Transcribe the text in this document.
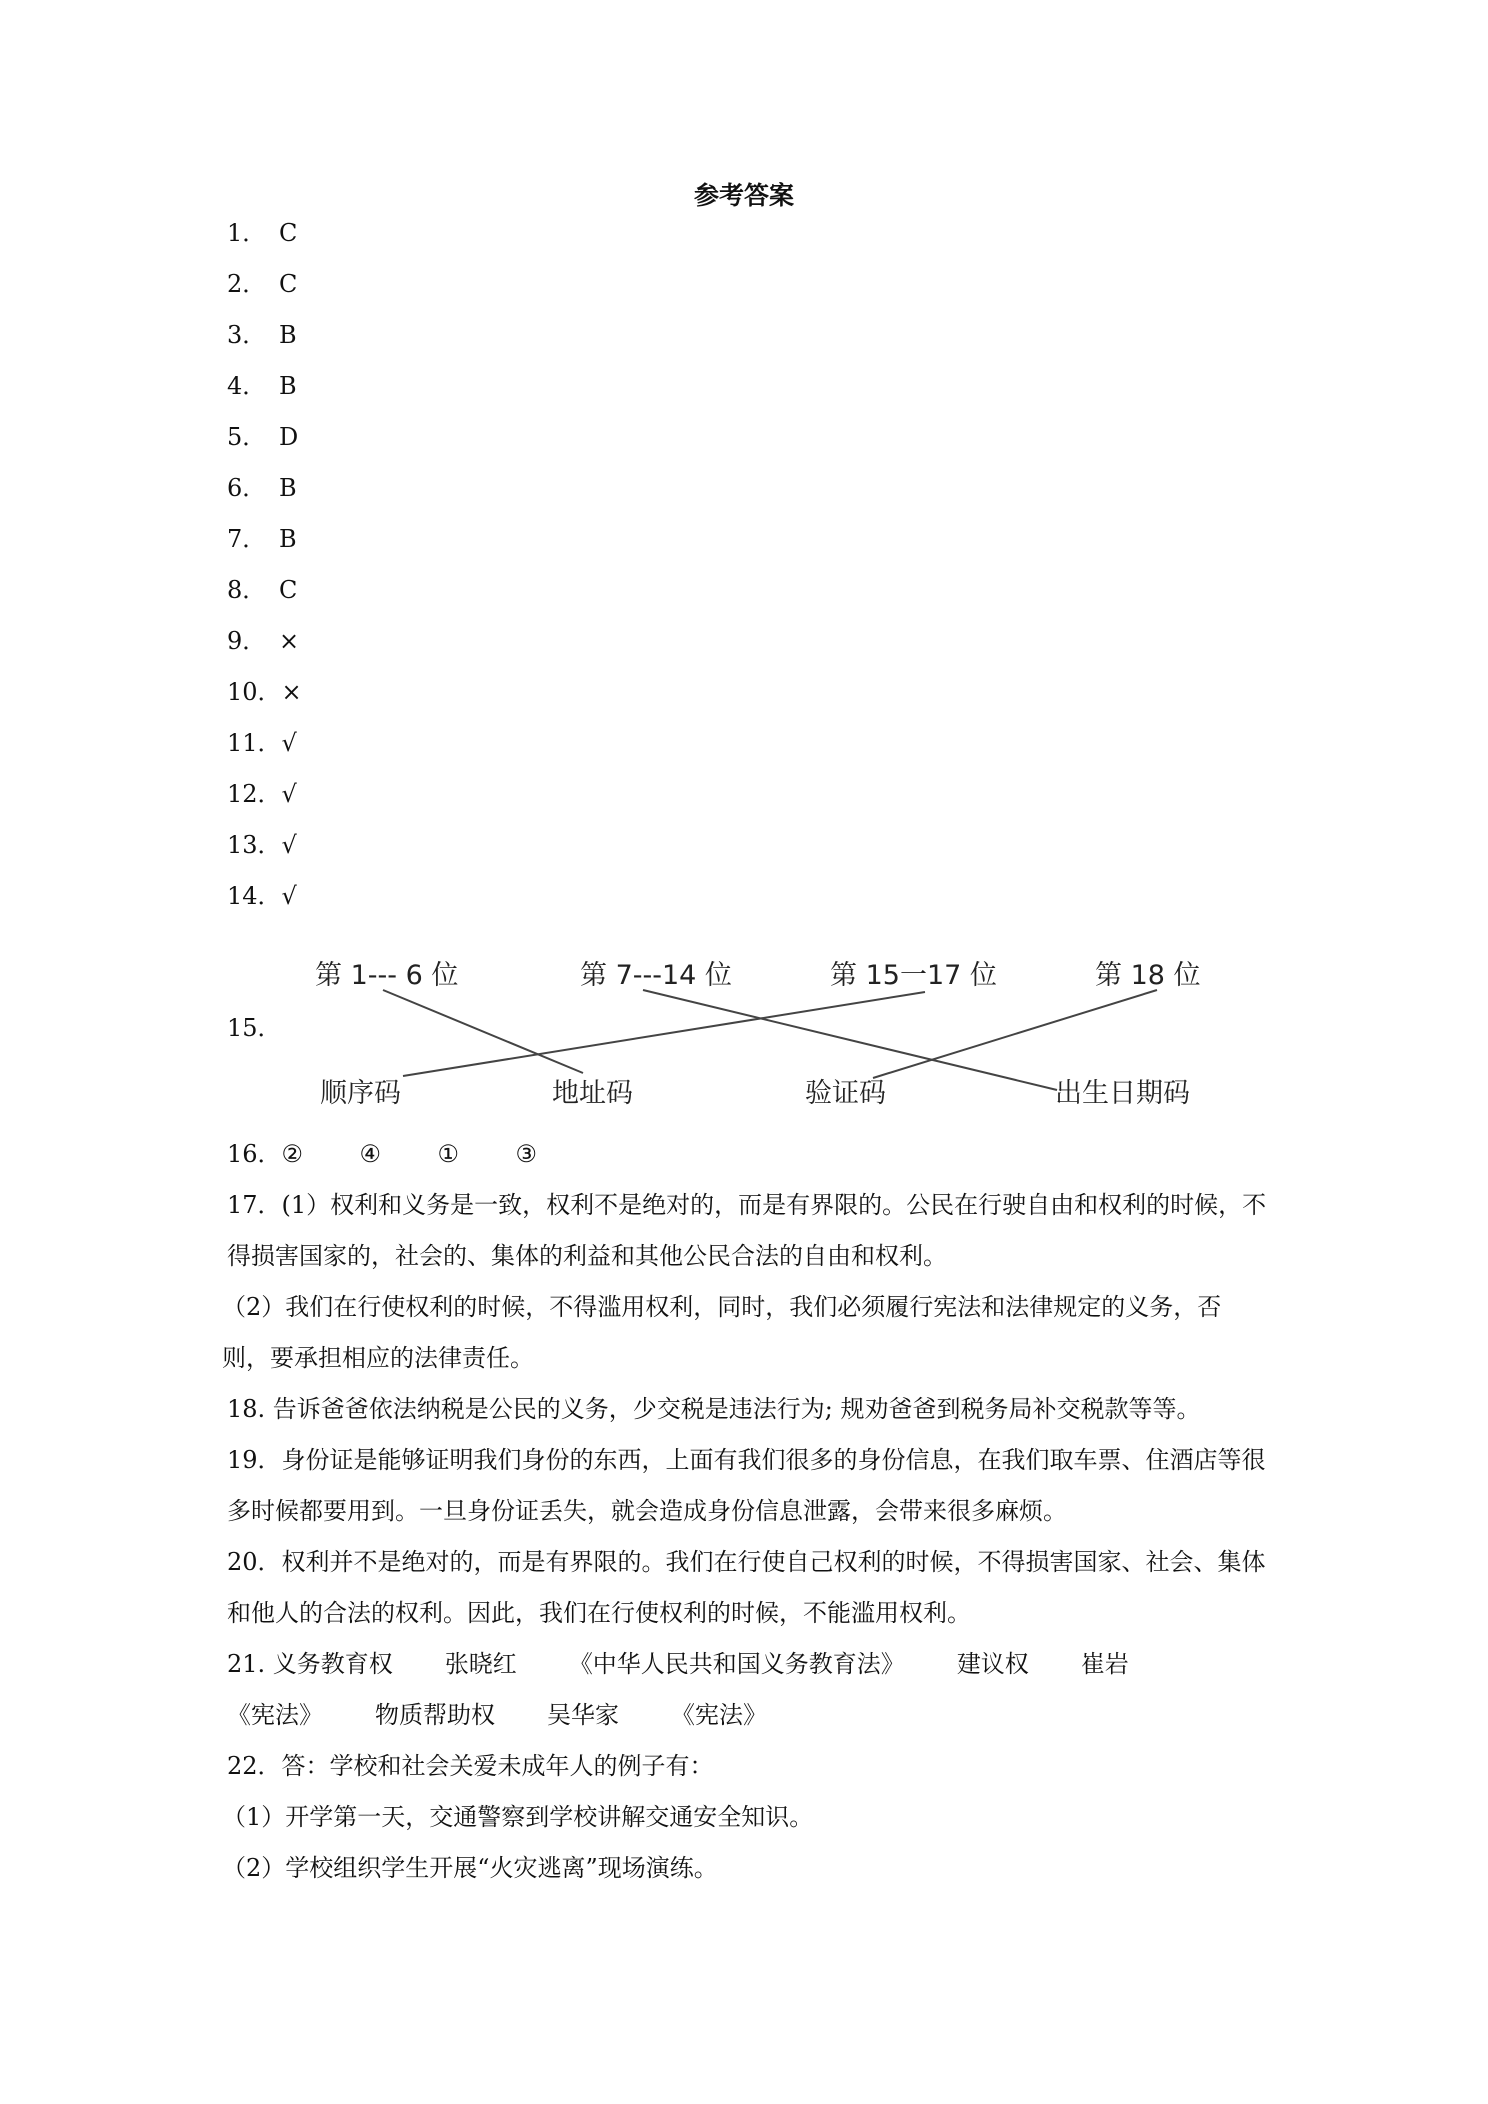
参考答案
1． C
2． C
3． B
4． B
5． D
6． B
7． B
8． C
9． ×
10．×
11．√
12．√
13．√
14．√
15．
第 1--- 6 位	第 7---14 位	第 15一17 位	第 18 位
顺序码	地址码	验证码	出生日期码
16．② ④ ① ③
17．(1）权利和义务是一致，权利不是绝对的，而是有界限的。公民在行驶自由和权利的时候，不得损害国家的，社会的、集体的利益和其他公民合法的自由和权利。
（2）我们在行使权利的时候，不得滥用权利，同时，我们必须履行宪法和法律规定的义务，否则，要承担相应的法律责任。
18. 告诉爸爸依法纳税是公民的义务，少交税是违法行为; 规劝爸爸到税务局补交税款等等。
19．身份证是能够证明我们身份的东西，上面有我们很多的身份信息，在我们取车票、住酒店等很多时候都要用到。一旦身份证丢失，就会造成身份信息泄露，会带来很多麻烦。
20．权利并不是绝对的，而是有界限的。我们在行使自己权利的时候，不得损害国家、社会、集体和他人的合法的权利。因此，我们在行使权利的时候，不能滥用权利。
21. 义务教育权 张晓红 《中华人民共和国义务教育法》 建议权 崔岩《宪法》 物质帮助权 吴华家 《宪法》
22．答：学校和社会关爱未成年人的例子有：
（1）开学第一天，交通警察到学校讲解交通安全知识。
（2）学校组织学生开展“火灾逃离”现场演练。
